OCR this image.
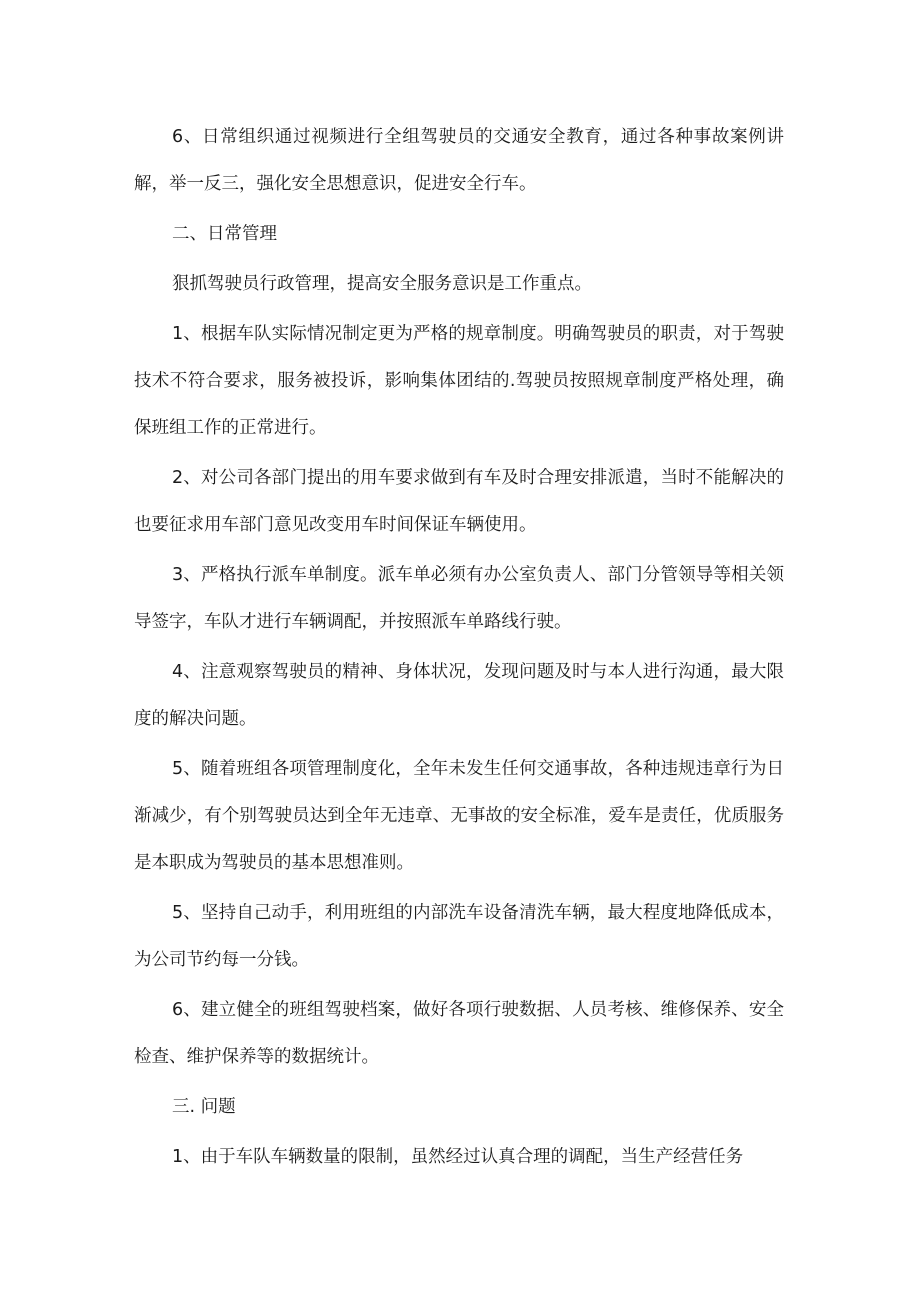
6、日常组织通过视频进行全组驾驶员的交通安全教育，通过各种事故案例讲解，举一反三，强化安全思想意识，促进安全行车。

二、日常管理

狠抓驾驶员行政管理，提高安全服务意识是工作重点。

1、根据车队实际情况制定更为严格的规章制度。明确驾驶员的职责，对于驾驶技术不符合要求，服务被投诉，影响集体团结的.驾驶员按照规章制度严格处理，确保班组工作的正常进行。

2、对公司各部门提出的用车要求做到有车及时合理安排派遣，当时不能解决的也要征求用车部门意见改变用车时间保证车辆使用。

3、严格执行派车单制度。派车单必须有办公室负责人、部门分管领导等相关领导签字，车队才进行车辆调配，并按照派车单路线行驶。

4、注意观察驾驶员的精神、身体状况，发现问题及时与本人进行沟通，最大限度的解决问题。

5、随着班组各项管理制度化，全年未发生任何交通事故，各种违规违章行为日渐减少，有个别驾驶员达到全年无违章、无事故的安全标准，爱车是责任，优质服务是本职成为驾驶员的基本思想准则。

5、坚持自己动手，利用班组的内部洗车设备清洗车辆，最大程度地降低成本，为公司节约每一分钱。

6、建立健全的班组驾驶档案，做好各项行驶数据、人员考核、维修保养、安全检查、维护保养等的数据统计。

三. 问题

1、由于车队车辆数量的限制，虽然经过认真合理的调配，当生产经营任务
